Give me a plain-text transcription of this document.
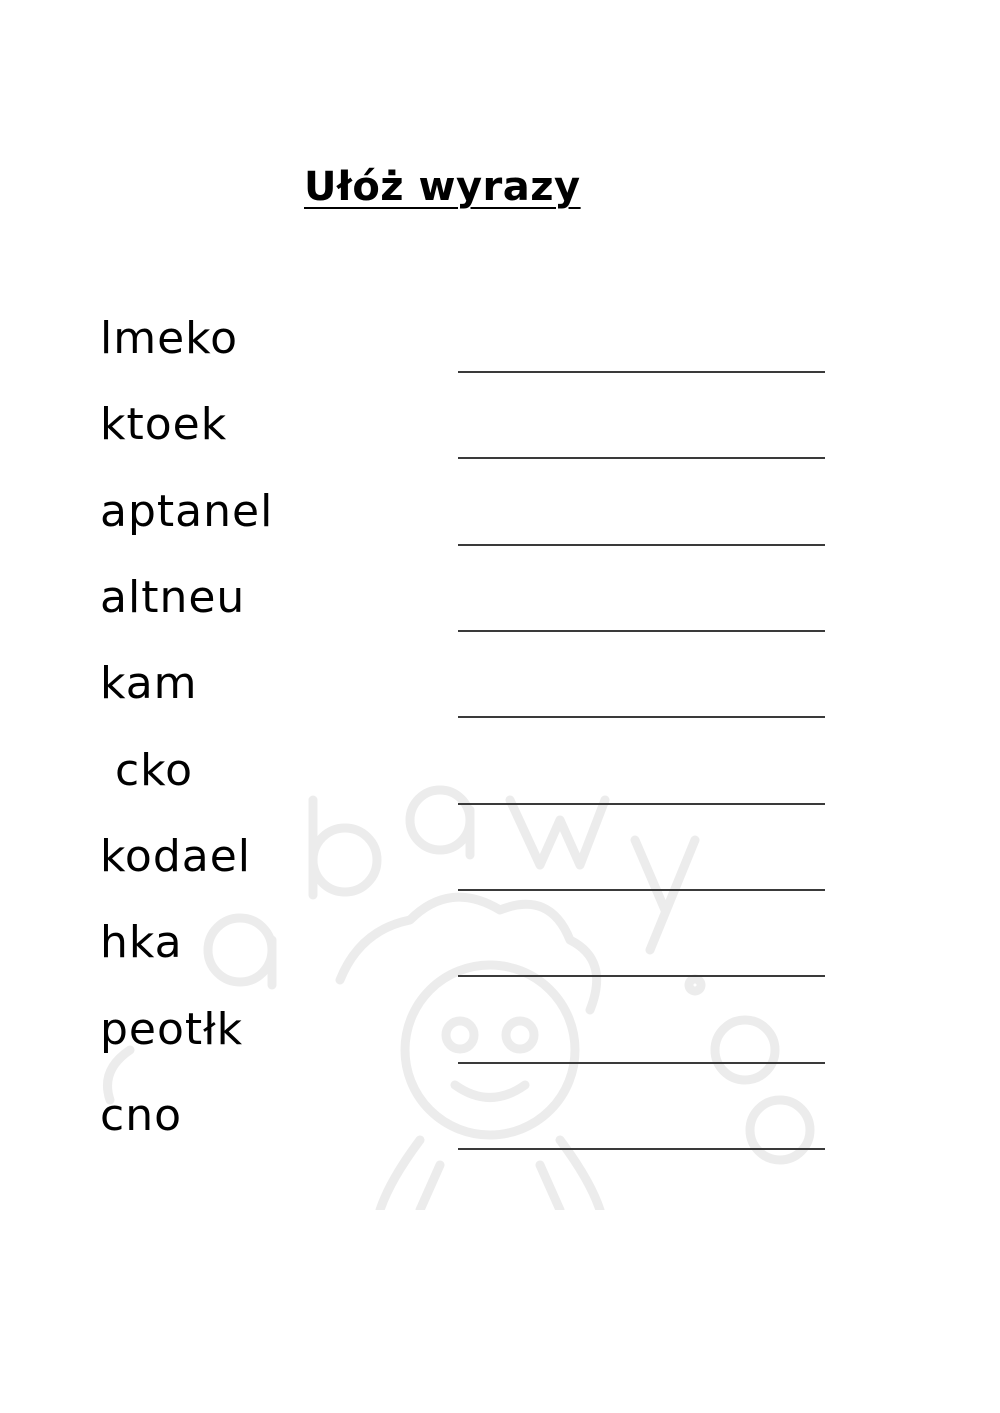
Ułóż wyrazy
lmeko
ktoek
aptanel
altneu
kam
cko
kodael
hka
peotłk
cno
